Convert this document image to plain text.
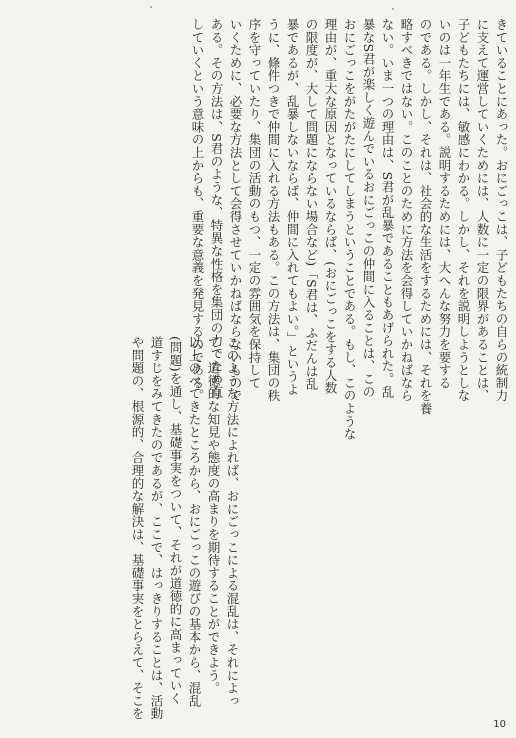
きていることにあった。おにごっこは、子どもたちの自らの統制力
に支えて運営していくためには、人数に一定の限界があることは、
子どもたちには、敏感にわかる。しかし、それを説明しようとしな
いのは一年生である。説明するためには、大へんな努力を要する
のである。しかし、それは、社会的な生活をするためには、それを養
略すべきではない。このことのために方法を会得していかねばなら
ない。いま一つの理由は、S君が乱暴であることもあげられた。乱
暴なS君が楽しく遊んでいるおにごっこの仲間に入ることは、この
おにごっこをがたがたにしてしまうということである。もし、このような
理由が、重大な原因となっているならば、(おにごっこをする人数
の限度が、大して問題にならない場合など)「S君は、ふだんは乱
暴であるが、乱暴しないならば、仲間に入れてもよい。」というよ
うに、條件つきで仲間に入れる方法もある。この方法は、集団の秩
序を守っていたり、集団の活動のもつ、一定の雰囲気を保持して
いくために、必要な方法として会得させていかねばならないもので
ある。その方法は、S君のような、特異な性格を集団の力でため直
していくという意味の上からも、重要な意義を発見するのである。
このような方法によれば、おにごっこによる混乱は、それによっ
て、道徳的な知見や態度の高まりを期待することができよう。
以上のべてきたところから、おにごっこの遊びの基本から、混乱
(問題)を通し、基礎事実をついて、それが道徳的に高まっていく
道すじをみてきたのであるが、ここで、はっきりすることは、活動
や問題の、根源的、合理的な解決は、基礎事実をとらえて、そこを
10
